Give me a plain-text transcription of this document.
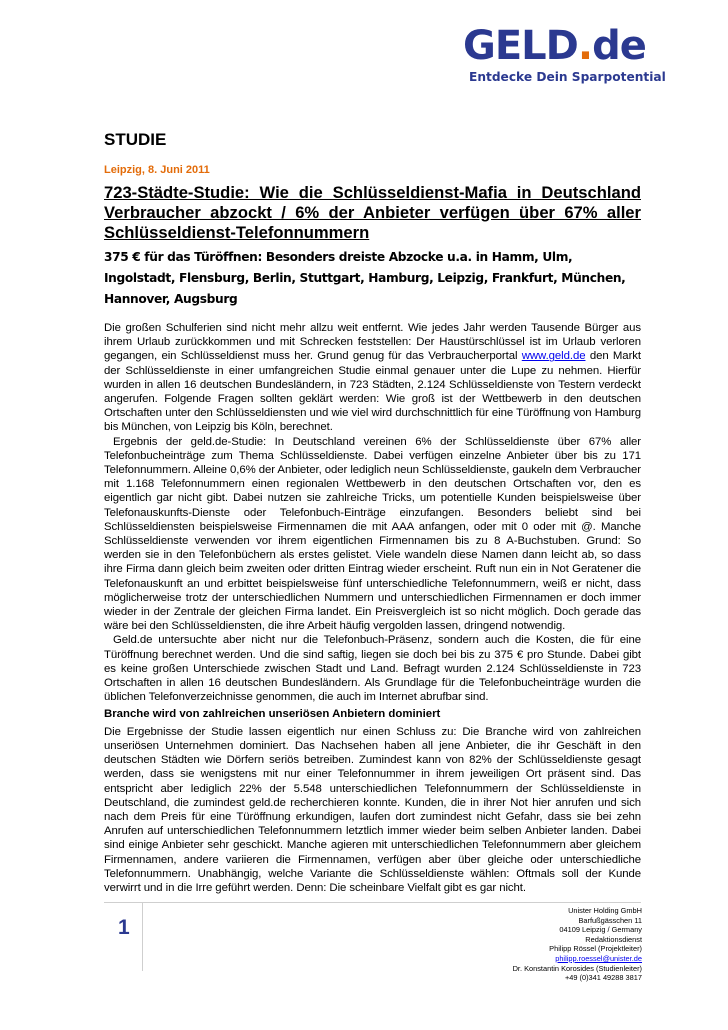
GELD.de
Entdecke Dein Sparpotential
STUDIE
Leipzig, 8. Juni 2011
723-Städte-Studie: Wie die Schlüsseldienst-Mafia in Deutschland Verbraucher abzockt / 6% der Anbieter verfügen über 67% aller Schlüsseldienst-Telefonnummern
375 € für das Türöffnen: Besonders dreiste Abzocke u.a. in Hamm, Ulm, Ingolstadt, Flensburg, Berlin, Stuttgart, Hamburg, Leipzig, Frankfurt, München, Hannover, Augsburg

Die großen Schulferien sind nicht mehr allzu weit entfernt. Wie jedes Jahr werden Tausende Bürger aus ihrem Urlaub zurückkommen und mit Schrecken feststellen: Der Haustürschlüssel ist im Urlaub verloren gegangen, ein Schlüsseldienst muss her. Grund genug für das Verbraucherportal www.geld.de den Markt der Schlüsseldienste in einer umfangreichen Studie einmal genauer unter die Lupe zu nehmen. Hierfür wurden in allen 16 deutschen Bundesländern, in 723 Städten, 2.124 Schlüsseldienste von Testern verdeckt angerufen. Folgende Fragen sollten geklärt werden: Wie groß ist der Wettbewerb in den deutschen Ortschaften unter den Schlüsseldiensten und wie viel wird durchschnittlich für eine Türöffnung von Hamburg bis München, von Leipzig bis Köln, berechnet.

Ergebnis der geld.de-Studie: In Deutschland vereinen 6% der Schlüsseldienste über 67% aller Telefonbucheinträge zum Thema Schlüsseldienste. Dabei verfügen einzelne Anbieter über bis zu 171 Telefonnummern. Alleine 0,6% der Anbieter, oder lediglich neun Schlüsseldienste, gaukeln dem Verbraucher mit 1.168 Telefonnummern einen regionalen Wettbewerb in den deutschen Ortschaften vor, den es eigentlich gar nicht gibt. Dabei nutzen sie zahlreiche Tricks, um potentielle Kunden beispielsweise über Telefonauskunfts-Dienste oder Telefonbuch-Einträge einzufangen. Besonders beliebt sind bei Schlüsseldiensten beispielsweise Firmennamen die mit AAA anfangen, oder mit 0 oder mit @. Manche Schlüsseldienste verwenden vor ihrem eigentlichen Firmennamen bis zu 8 A-Buchstuben. Grund: So werden sie in den Telefonbüchern als erstes gelistet. Viele wandeln diese Namen dann leicht ab, so dass ihre Firma dann gleich beim zweiten oder dritten Eintrag wieder erscheint. Ruft nun ein in Not Geratener die Telefonauskunft an und erbittet beispielsweise fünf unterschiedliche Telefonnummern, weiß er nicht, dass möglicherweise trotz der unterschiedlichen Nummern und unterschiedlichen Firmennamen er doch immer wieder in der Zentrale der gleichen Firma landet. Ein Preisvergleich ist so nicht möglich. Doch gerade das wäre bei den Schlüsseldiensten, die ihre Arbeit häufig vergolden lassen, dringend notwendig.

Geld.de untersuchte aber nicht nur die Telefonbuch-Präsenz, sondern auch die Kosten, die für eine Türöffnung berechnet werden. Und die sind saftig, liegen sie doch bei bis zu 375 € pro Stunde. Dabei gibt es keine großen Unterschiede zwischen Stadt und Land. Befragt wurden 2.124 Schlüsseldienste in 723 Ortschaften in allen 16 deutschen Bundesländern. Als Grundlage für die Telefonbucheinträge wurden die üblichen Telefonverzeichnisse genommen, die auch im Internet abrufbar sind.

Branche wird von zahlreichen unseriösen Anbietern dominiert

Die Ergebnisse der Studie lassen eigentlich nur einen Schluss zu: Die Branche wird von zahlreichen unseriösen Unternehmen dominiert. Das Nachsehen haben all jene Anbieter, die ihr Geschäft in den deutschen Städten wie Dörfern seriös betreiben. Zumindest kann von 82% der Schlüsseldienste gesagt werden, dass sie wenigstens mit nur einer Telefonnummer in ihrem jeweiligen Ort präsent sind. Das entspricht aber lediglich 22% der 5.548 unterschiedlichen Telefonnummern der Schlüsseldienste in Deutschland, die zumindest geld.de recherchieren konnte. Kunden, die in ihrer Not hier anrufen und sich nach dem Preis für eine Türöffnung erkundigen, laufen dort zumindest nicht Gefahr, dass sie bei zehn Anrufen auf unterschiedlichen Telefonnummern letztlich immer wieder beim selben Anbieter landen. Dabei sind einige Anbieter sehr geschickt. Manche agieren mit unterschiedlichen Telefonnummern aber gleichem Firmennamen, andere variieren die Firmennamen, verfügen aber über gleiche oder unterschiedliche Telefonnummern. Unabhängig, welche Variante die Schlüsseldienste wählen: Oftmals soll der Kunde verwirrt und in die Irre geführt werden. Denn: Die scheinbare Vielfalt gibt es gar nicht.

1
Unister Holding GmbH
Barfußgässchen 11
04109 Leipzig / Germany
Redaktionsdienst
Philipp Rössel (Projektleiter)
philipp.roessel@unister.de
Dr. Konstantin Korosides (Studienleiter)
+49 (0)341 49288 3817
